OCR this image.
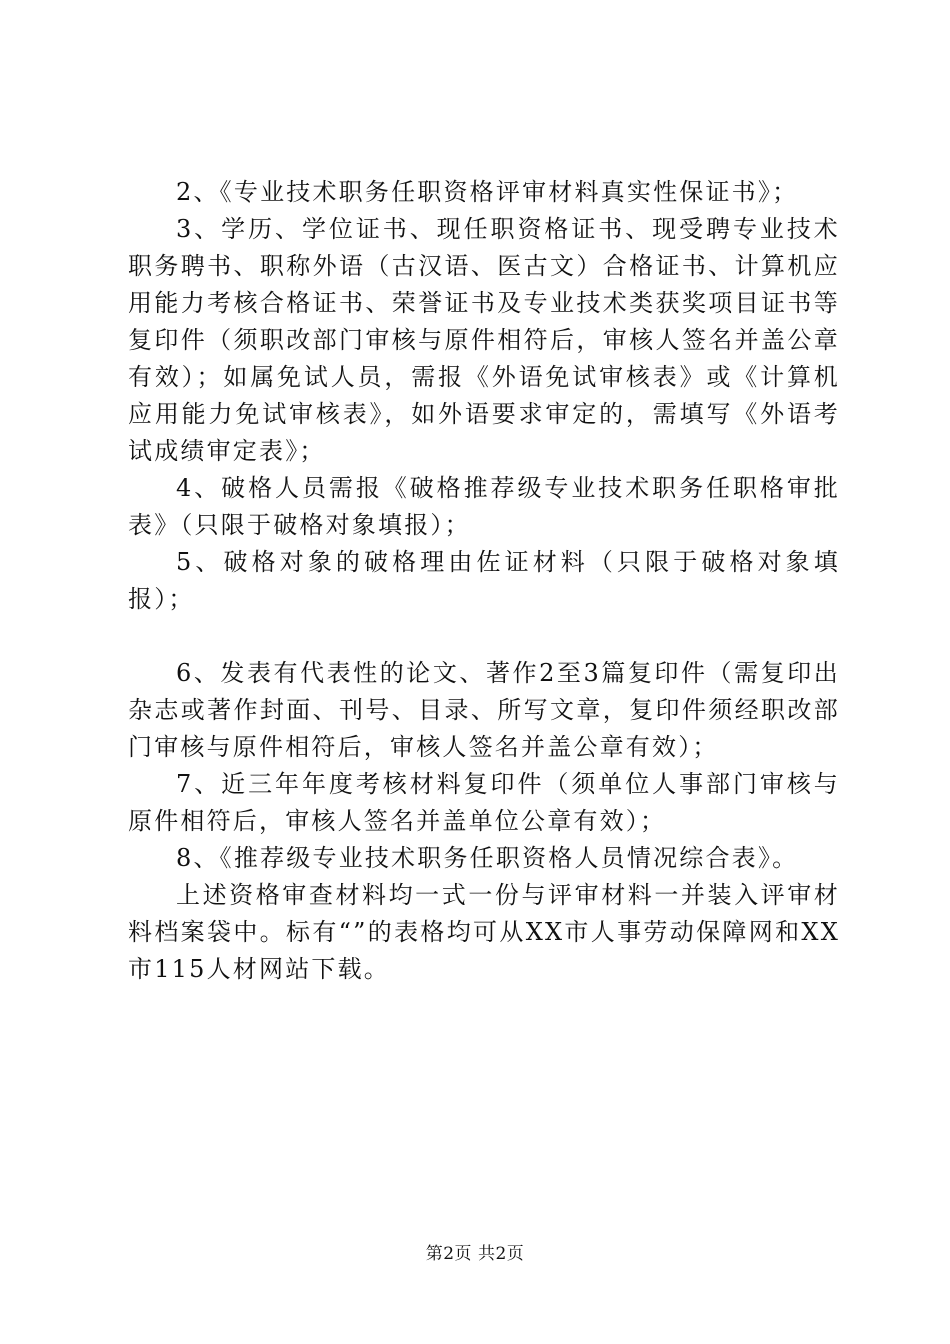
2、《专业技术职务任职资格评审材料真实性保证书》；

3、学历、学位证书、现任职资格证书、现受聘专业技术职务聘书、职称外语（古汉语、医古文）合格证书、计算机应用能力考核合格证书、荣誉证书及专业技术类获奖项目证书等复印件（须职改部门审核与原件相符后，审核人签名并盖公章有效）；如属免试人员，需报《外语免试审核表》或《计算机应用能力免试审核表》，如外语要求审定的，需填写《外语考试成绩审定表》；

4、破格人员需报《破格推荐级专业技术职务任职格审批表》（只限于破格对象填报）；

5、破格对象的破格理由佐证材料（只限于破格对象填报）；

6、发表有代表性的论文、著作2至3篇复印件（需复印出杂志或著作封面、刊号、目录、所写文章，复印件须经职改部门审核与原件相符后，审核人签名并盖公章有效）；

7、近三年年度考核材料复印件（须单位人事部门审核与原件相符后，审核人签名并盖单位公章有效）；

8、《推荐级专业技术职务任职资格人员情况综合表》。

上述资格审查材料均一式一份与评审材料一并装入评审材料档案袋中。标有“”的表格均可从XX市人事劳动保障网和XX市115人材网站下载。

第2页 共2页
